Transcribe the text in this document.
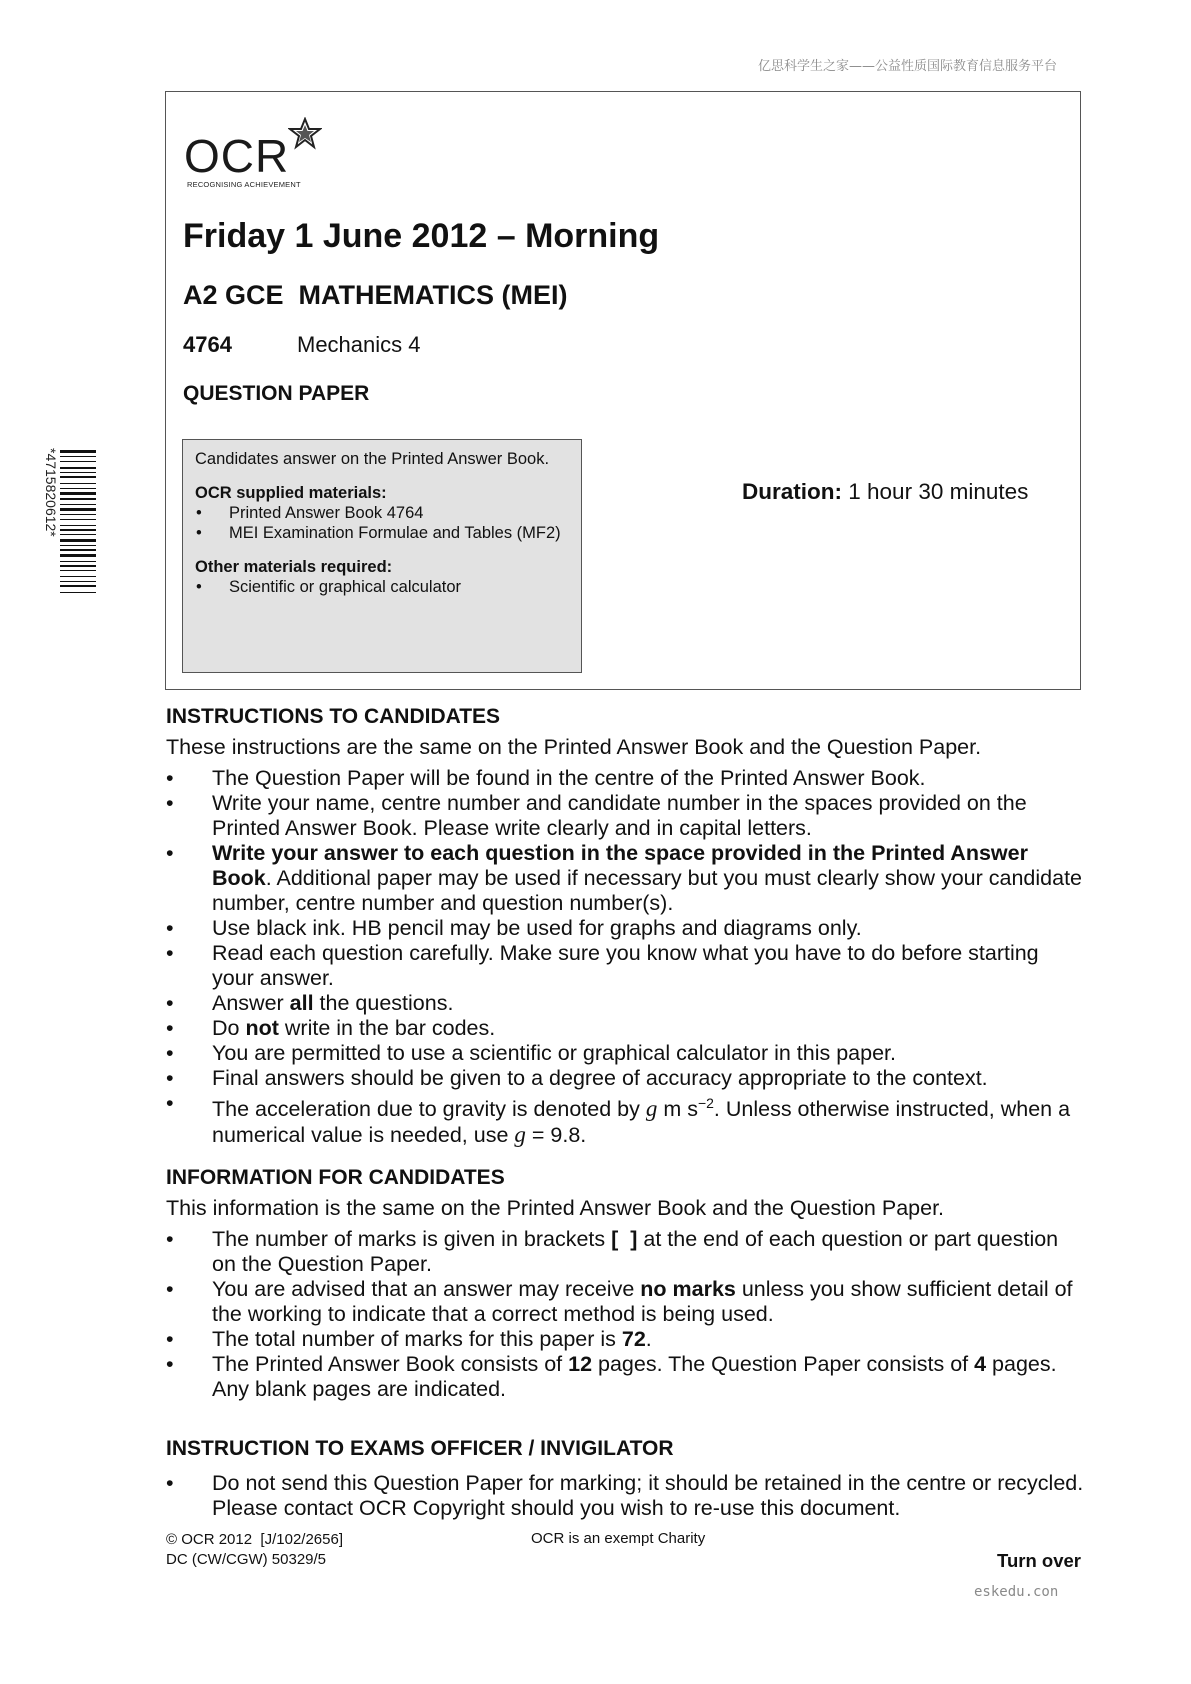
亿思科学生之家——公益性质国际教育信息服务平台
*4715820612*
OCR
RECOGNISING ACHIEVEMENT
Friday 1 June 2012 – Morning
A2 GCE  MATHEMATICS (MEI)
4764	Mechanics 4
QUESTION PAPER
Candidates answer on the Printed Answer Book.
OCR supplied materials:
• Printed Answer Book 4764
• MEI Examination Formulae and Tables (MF2)
Other materials required:
• Scientific or graphical calculator
Duration: 1 hour 30 minutes
INSTRUCTIONS TO CANDIDATES
These instructions are the same on the Printed Answer Book and the Question Paper.
• The Question Paper will be found in the centre of the Printed Answer Book.
• Write your name, centre number and candidate number in the spaces provided on the Printed Answer Book. Please write clearly and in capital letters.
• Write your answer to each question in the space provided in the Printed Answer Book. Additional paper may be used if necessary but you must clearly show your candidate number, centre number and question number(s).
• Use black ink. HB pencil may be used for graphs and diagrams only.
• Read each question carefully. Make sure you know what you have to do before starting your answer.
• Answer all the questions.
• Do not write in the bar codes.
• You are permitted to use a scientific or graphical calculator in this paper.
• Final answers should be given to a degree of accuracy appropriate to the context.
• The acceleration due to gravity is denoted by g m $s^{-2}$. Unless otherwise instructed, when a numerical value is needed, use g = 9.8.
INFORMATION FOR CANDIDATES
This information is the same on the Printed Answer Book and the Question Paper.
• The number of marks is given in brackets [  ] at the end of each question or part question on the Question Paper.
• You are advised that an answer may receive no marks unless you show sufficient detail of the working to indicate that a correct method is being used.
• The total number of marks for this paper is 72.
• The Printed Answer Book consists of 12 pages. The Question Paper consists of 4 pages. Any blank pages are indicated.
INSTRUCTION TO EXAMS OFFICER / INVIGILATOR
• Do not send this Question Paper for marking; it should be retained in the centre or recycled. Please contact OCR Copyright should you wish to re-use this document.
© OCR 2012  [J/102/2656]
DC (CW/CGW) 50329/5
OCR is an exempt Charity
Turn over
eskedu.con
